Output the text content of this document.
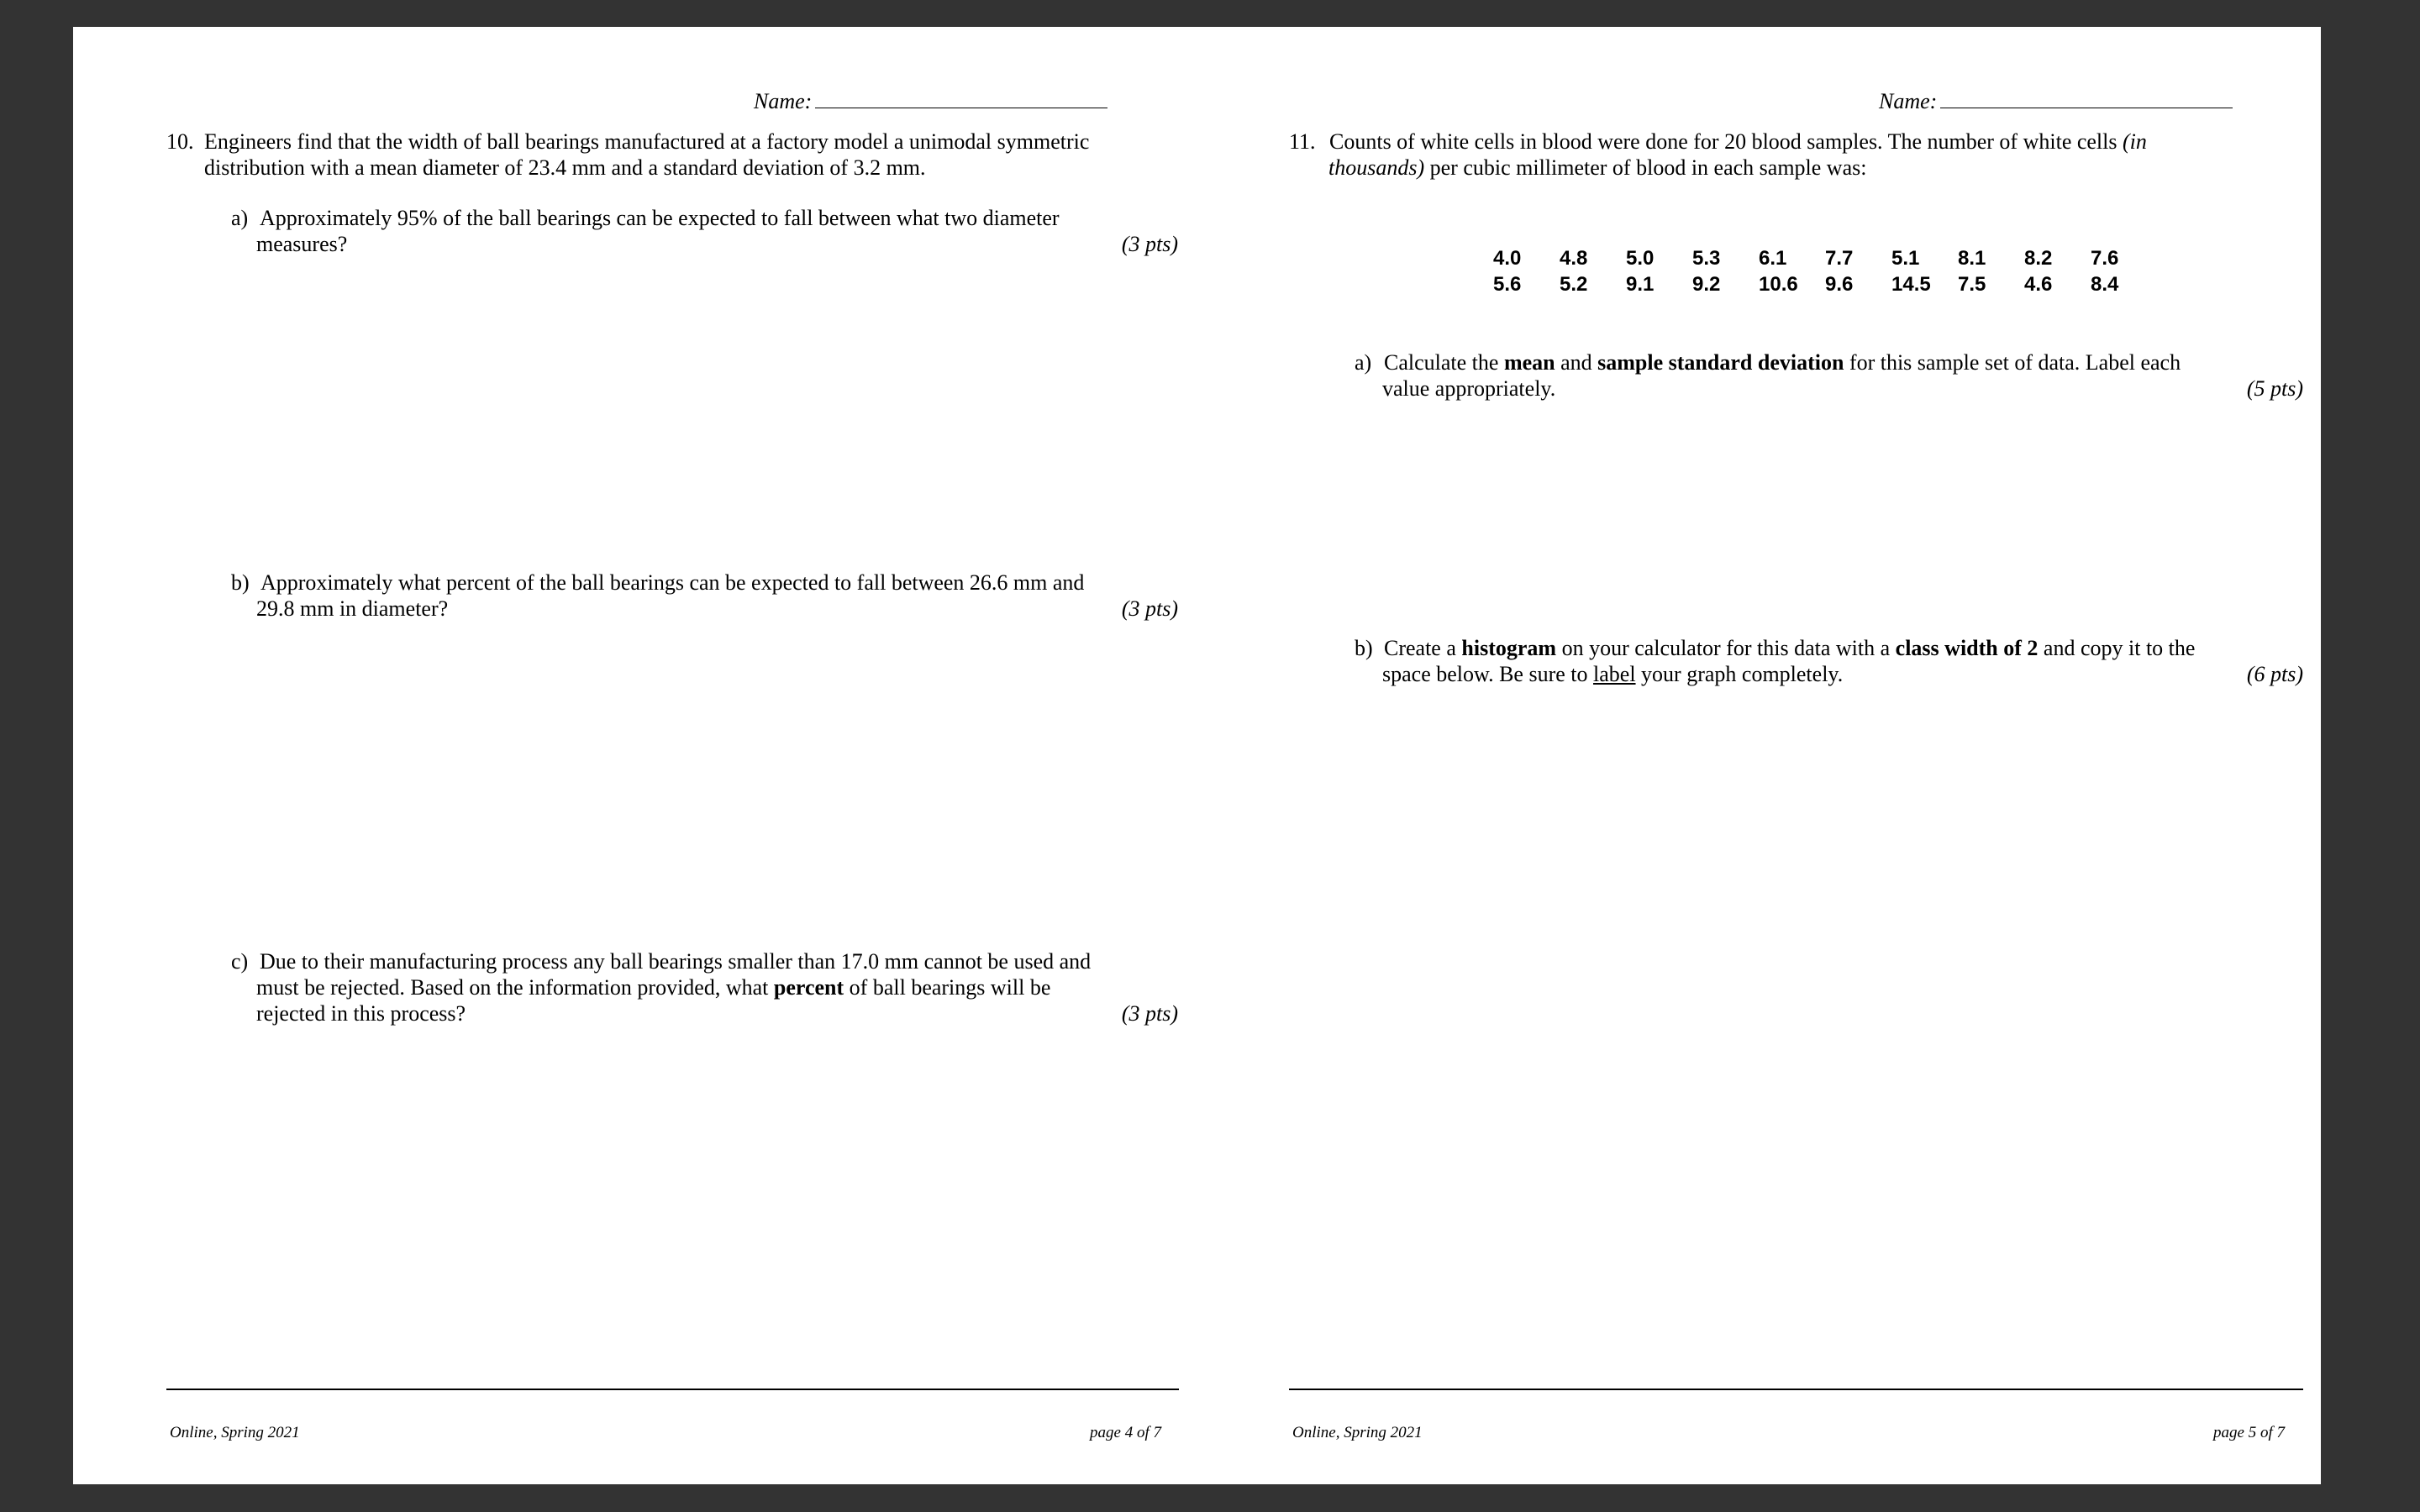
Name:
10. Engineers find that the width of ball bearings manufactured at a factory model a unimodal symmetric
distribution with a mean diameter of 23.4 mm and a standard deviation of 3.2 mm.
a) Approximately 95% of the ball bearings can be expected to fall between what two diameter
measures?	(3 pts)
b) Approximately what percent of the ball bearings can be expected to fall between 26.6 mm and
29.8 mm in diameter?	(3 pts)
c) Due to their manufacturing process any ball bearings smaller than 17.0 mm cannot be used and
must be rejected. Based on the information provided, what percent of ball bearings will be
rejected in this process?	(3 pts)
Online, Spring 2021	page 4 of 7
Name:
11. Counts of white cells in blood were done for 20 blood samples. The number of white cells (in
thousands) per cubic millimeter of blood in each sample was:
4.0	4.8	5.0	5.3	6.1	7.7	5.1	8.1	8.2	7.6
5.6	5.2	9.1	9.2	10.6	9.6	14.5	7.5	4.6	8.4
a) Calculate the mean and sample standard deviation for this sample set of data. Label each
value appropriately.	(5 pts)
b) Create a histogram on your calculator for this data with a class width of 2 and copy it to the
space below. Be sure to label your graph completely.	(6 pts)
Online, Spring 2021	page 5 of 7
